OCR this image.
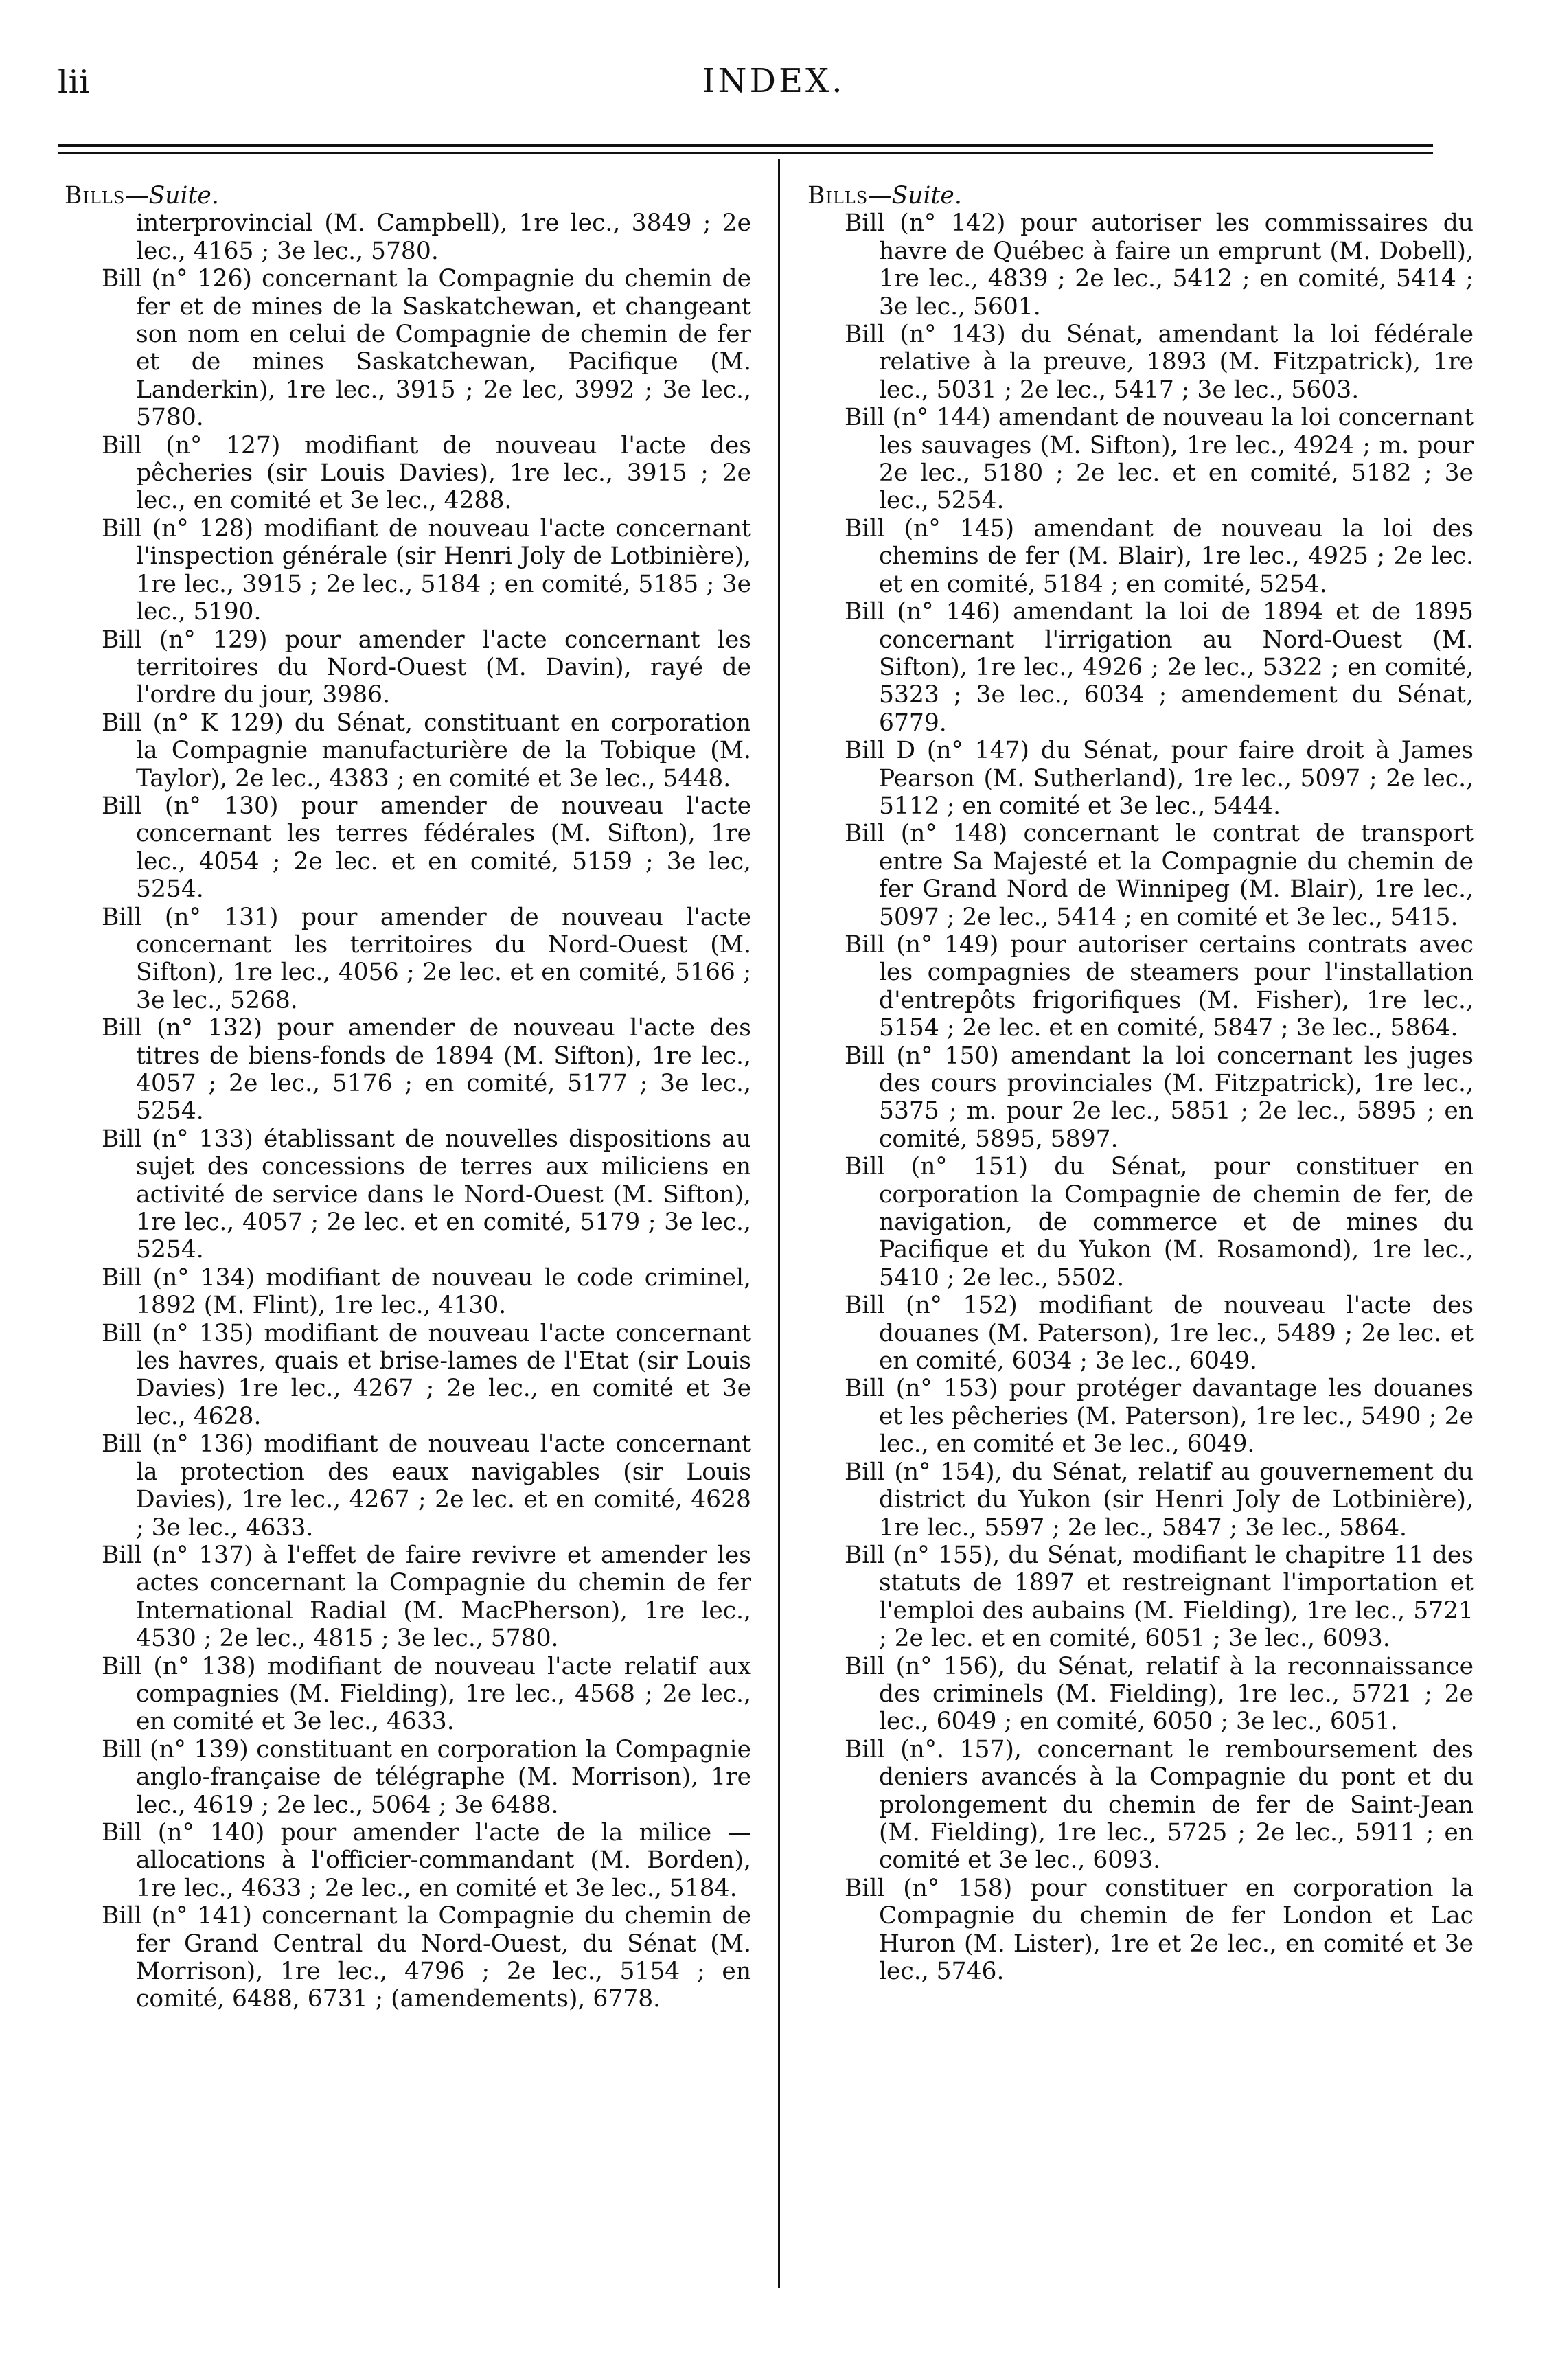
lii	INDEX.

Bills—Suite.

interprovincial (M. Campbell), 1re lec., 3849 ; 2e lec., 4165 ; 3e lec., 5780.

Bill (n° 126) concernant la Compagnie du chemin de fer et de mines de la Saskatchewan, et changeant son nom en celui de Compagnie de chemin de fer et de mines Saskatchewan, Pacifique (M. Landerkin), 1re lec., 3915 ; 2e lec, 3992 ; 3e lec., 5780.

Bill (n° 127) modifiant de nouveau l'acte des pêcheries (sir Louis Davies), 1re lec., 3915 ; 2e lec., en comité et 3e lec., 4288.

Bill (n° 128) modifiant de nouveau l'acte concernant l'inspection générale (sir Henri Joly de Lotbinière), 1re lec., 3915 ; 2e lec., 5184 ; en comité, 5185 ; 3e lec., 5190.

Bill (n° 129) pour amender l'acte concernant les territoires du Nord-Ouest (M. Davin), rayé de l'ordre du jour, 3986.

Bill (n° K 129) du Sénat, constituant en corporation la Compagnie manufacturière de la Tobique (M. Taylor), 2e lec., 4383 ; en comité et 3e lec., 5448.

Bill (n° 130) pour amender de nouveau l'acte concernant les terres fédérales (M. Sifton), 1re lec., 4054 ; 2e lec. et en comité, 5159 ; 3e lec, 5254.

Bill (n° 131) pour amender de nouveau l'acte concernant les territoires du Nord-Ouest (M. Sifton), 1re lec., 4056 ; 2e lec. et en comité, 5166 ; 3e lec., 5268.

Bill (n° 132) pour amender de nouveau l'acte des titres de biens-fonds de 1894 (M. Sifton), 1re lec., 4057 ; 2e lec., 5176 ; en comité, 5177 ; 3e lec., 5254.

Bill (n° 133) établissant de nouvelles dispositions au sujet des concessions de terres aux miliciens en activité de service dans le Nord-Ouest (M. Sifton), 1re lec., 4057 ; 2e lec. et en comité, 5179 ; 3e lec., 5254.

Bill (n° 134) modifiant de nouveau le code criminel, 1892 (M. Flint), 1re lec., 4130.

Bill (n° 135) modifiant de nouveau l'acte concernant les havres, quais et brise-lames de l'Etat (sir Louis Davies) 1re lec., 4267 ; 2e lec., en comité et 3e lec., 4628.

Bill (n° 136) modifiant de nouveau l'acte concernant la protection des eaux navigables (sir Louis Davies), 1re lec., 4267 ; 2e lec. et en comité, 4628 ; 3e lec., 4633.

Bill (n° 137) à l'effet de faire revivre et amender les actes concernant la Compagnie du chemin de fer International Radial (M. MacPherson), 1re lec., 4530 ; 2e lec., 4815 ; 3e lec., 5780.

Bill (n° 138) modifiant de nouveau l'acte relatif aux compagnies (M. Fielding), 1re lec., 4568 ; 2e lec., en comité et 3e lec., 4633.

Bill (n° 139) constituant en corporation la Compagnie anglo-française de télégraphe (M. Morrison), 1re lec., 4619 ; 2e lec., 5064 ; 3e 6488.

Bill (n° 140) pour amender l'acte de la milice —allocations à l'officier-commandant (M. Borden), 1re lec., 4633 ; 2e lec., en comité et 3e lec., 5184.

Bill (n° 141) concernant la Compagnie du chemin de fer Grand Central du Nord-Ouest, du Sénat (M. Morrison), 1re lec., 4796 ; 2e lec., 5154 ; en comité, 6488, 6731 ; (amendements), 6778.

Bills—Suite.

Bill (n° 142) pour autoriser les commissaires du havre de Québec à faire un emprunt (M. Dobell), 1re lec., 4839 ; 2e lec., 5412 ; en comité, 5414 ; 3e lec., 5601.

Bill (n° 143) du Sénat, amendant la loi fédérale relative à la preuve, 1893 (M. Fitzpatrick), 1re lec., 5031 ; 2e lec., 5417 ; 3e lec., 5603.

Bill (n° 144) amendant de nouveau la loi concernant les sauvages (M. Sifton), 1re lec., 4924 ; m. pour 2e lec., 5180 ; 2e lec. et en comité, 5182 ; 3e lec., 5254.

Bill (n° 145) amendant de nouveau la loi des chemins de fer (M. Blair), 1re lec., 4925 ; 2e lec. et en comité, 5184 ; en comité, 5254.

Bill (n° 146) amendant la loi de 1894 et de 1895 concernant l'irrigation au Nord-Ouest (M. Sifton), 1re lec., 4926 ; 2e lec., 5322 ; en comité, 5323 ; 3e lec., 6034 ; amendement du Sénat, 6779.

Bill D (n° 147) du Sénat, pour faire droit à James Pearson (M. Sutherland), 1re lec., 5097 ; 2e lec., 5112 ; en comité et 3e lec., 5444.

Bill (n° 148) concernant le contrat de transport entre Sa Majesté et la Compagnie du chemin de fer Grand Nord de Winnipeg (M. Blair), 1re lec., 5097 ; 2e lec., 5414 ; en comité et 3e lec., 5415.

Bill (n° 149) pour autoriser certains contrats avec les compagnies de steamers pour l'installation d'entrepôts frigorifiques (M. Fisher), 1re lec., 5154 ; 2e lec. et en comité, 5847 ; 3e lec., 5864.

Bill (n° 150) amendant la loi concernant les juges des cours provinciales (M. Fitzpatrick), 1re lec., 5375 ; m. pour 2e lec., 5851 ; 2e lec., 5895 ; en comité, 5895, 5897.

Bill (n° 151) du Sénat, pour constituer en corporation la Compagnie de chemin de fer, de navigation, de commerce et de mines du Pacifique et du Yukon (M. Rosamond), 1re lec., 5410 ; 2e lec., 5502.

Bill (n° 152) modifiant de nouveau l'acte des douanes (M. Paterson), 1re lec., 5489 ; 2e lec. et en comité, 6034 ; 3e lec., 6049.

Bill (n° 153) pour protéger davantage les douanes et les pêcheries (M. Paterson), 1re lec., 5490 ; 2e lec., en comité et 3e lec., 6049.

Bill (n° 154), du Sénat, relatif au gouvernement du district du Yukon (sir Henri Joly de Lotbinière), 1re lec., 5597 ; 2e lec., 5847 ; 3e lec., 5864.

Bill (n° 155), du Sénat, modifiant le chapitre 11 des statuts de 1897 et restreignant l'importation et l'emploi des aubains (M. Fielding), 1re lec., 5721 ; 2e lec. et en comité, 6051 ; 3e lec., 6093.

Bill (n° 156), du Sénat, relatif à la reconnaissance des criminels (M. Fielding), 1re lec., 5721 ; 2e lec., 6049 ; en comité, 6050 ; 3e lec., 6051.

Bill (n°. 157), concernant le remboursement des deniers avancés à la Compagnie du pont et du prolongement du chemin de fer de Saint-Jean (M. Fielding), 1re lec., 5725 ; 2e lec., 5911 ; en comité et 3e lec., 6093.

Bill (n° 158) pour constituer en corporation la Compagnie du chemin de fer London et Lac Huron (M. Lister), 1re et 2e lec., en comité et 3e lec., 5746.
